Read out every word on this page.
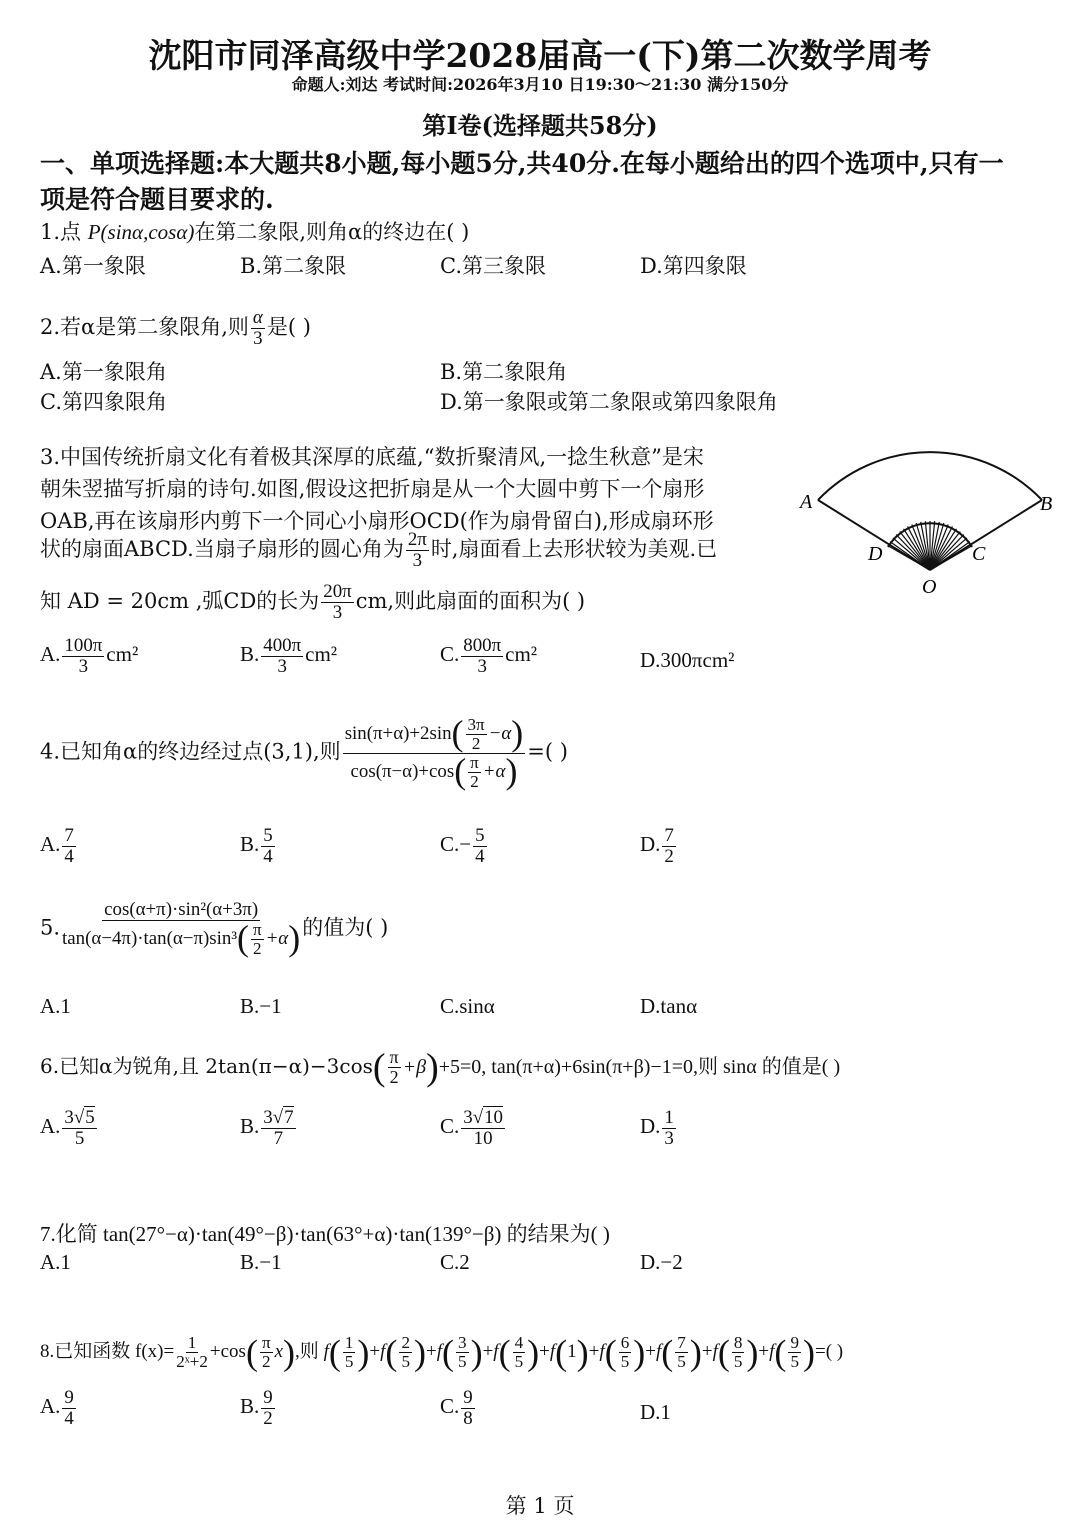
沈阳市同泽高级中学2028届高一(下)第二次数学周考
命题人:刘达 考试时间:2026年3月10 日19:30～21:30 满分150分
第I卷(选择题共58分)
一、单项选择题:本大题共8小题,每小题5分,共40分.在每小题给出的四个选项中,只有一
项是符合题目要求的.
1.点 P(sinα,cosα)在第二象限,则角α的终边在( )
A.第一象限	B.第二象限	C.第三象限	D.第四象限
2.若α是第二象限角,则 $\frac{\alpha}{3}$ 是( )
A.第一象限角	B.第二象限角
C.第四象限角	D.第一象限或第二象限或第四象限角
3.中国传统折扇文化有着极其深厚的底蕴,“数折聚清风,一捻生秋意”是宋
朝朱翌描写折扇的诗句.如图,假设这把折扇是从一个大圆中剪下一个扇形
OAB,再在该扇形内剪下一个同心小扇形OCD(作为扇骨留白),形成扇环形
状的扇面ABCD.当扇子扇形的圆心角为 $\frac{2\pi}{3}$ 时,扇面看上去形状较为美观.已
知 AD = 20cm ,弧CD的长为 $\frac{20\pi}{3}$ cm,则此扇面的面积为( )
A. $\frac{100\pi}{3} cm^2$	B. $\frac{400\pi}{3} cm^2$	C. $\frac{800\pi}{3} cm^2$	D.300πcm²
A	B
C
D
O
4.已知角α的终边经过点(3,1),则 $\frac{\sin(\pi+\alpha)+2\sin ( \frac{3\pi}{2} -\alpha )}{\cos(\pi-\alpha)+\cos ( \frac{\pi}{2} +\alpha )}$ =( )
A. $\frac{7}{4}$	B. $\frac{5}{4}$	$C.- \frac{5}{4}$	D. $\frac{7}{2}$
5. $\frac{\text{cos(α+π)·sin²(α+3π)}}{\tan(\alpha-4\pi)\cdot\tan(\alpha-\pi)\sin^3 ( \frac{\pi}{2} +\alpha )}$ 的值为( )
A.1	B.−1	C.sinα	D.tanα
6.已知α为锐角,且 $2\tan(\pi-\alpha)-3\cos( \frac{\pi}{2} +\beta)+5=0$, tan(π+α)+6sin(π+β)−1=0,则 sinα 的值是( )
A. $\frac{3√5}{5}$	B. $\frac{3√7}{7}$	C. $\frac{3√10}{10}$	D. $\frac{1}{3}$
7.化简 tan(27°−α)·tan(49°−β)·tan(63°+α)·tan(139°−β) 的结果为( )
A.1	B.−1	C.2	D.−2
8.已知函数 $f(x)= \frac{1}{\text{2ˣ+2}} +\cos( \frac{\pi}{2} x)$,则 $f( \frac{1}{5} )+f( \frac{2}{5} )+f( \frac{3}{5} )+f( \frac{4}{5} )+f(1)+f( \frac{6}{5} )+f( \frac{7}{5} )+f( \frac{8}{5} )+f( \frac{9}{5}$ )=( )
A. $\frac{9}{4}$	B. $\frac{9}{2}$	C. $\frac{9}{8}$	D.1
第 1 页
